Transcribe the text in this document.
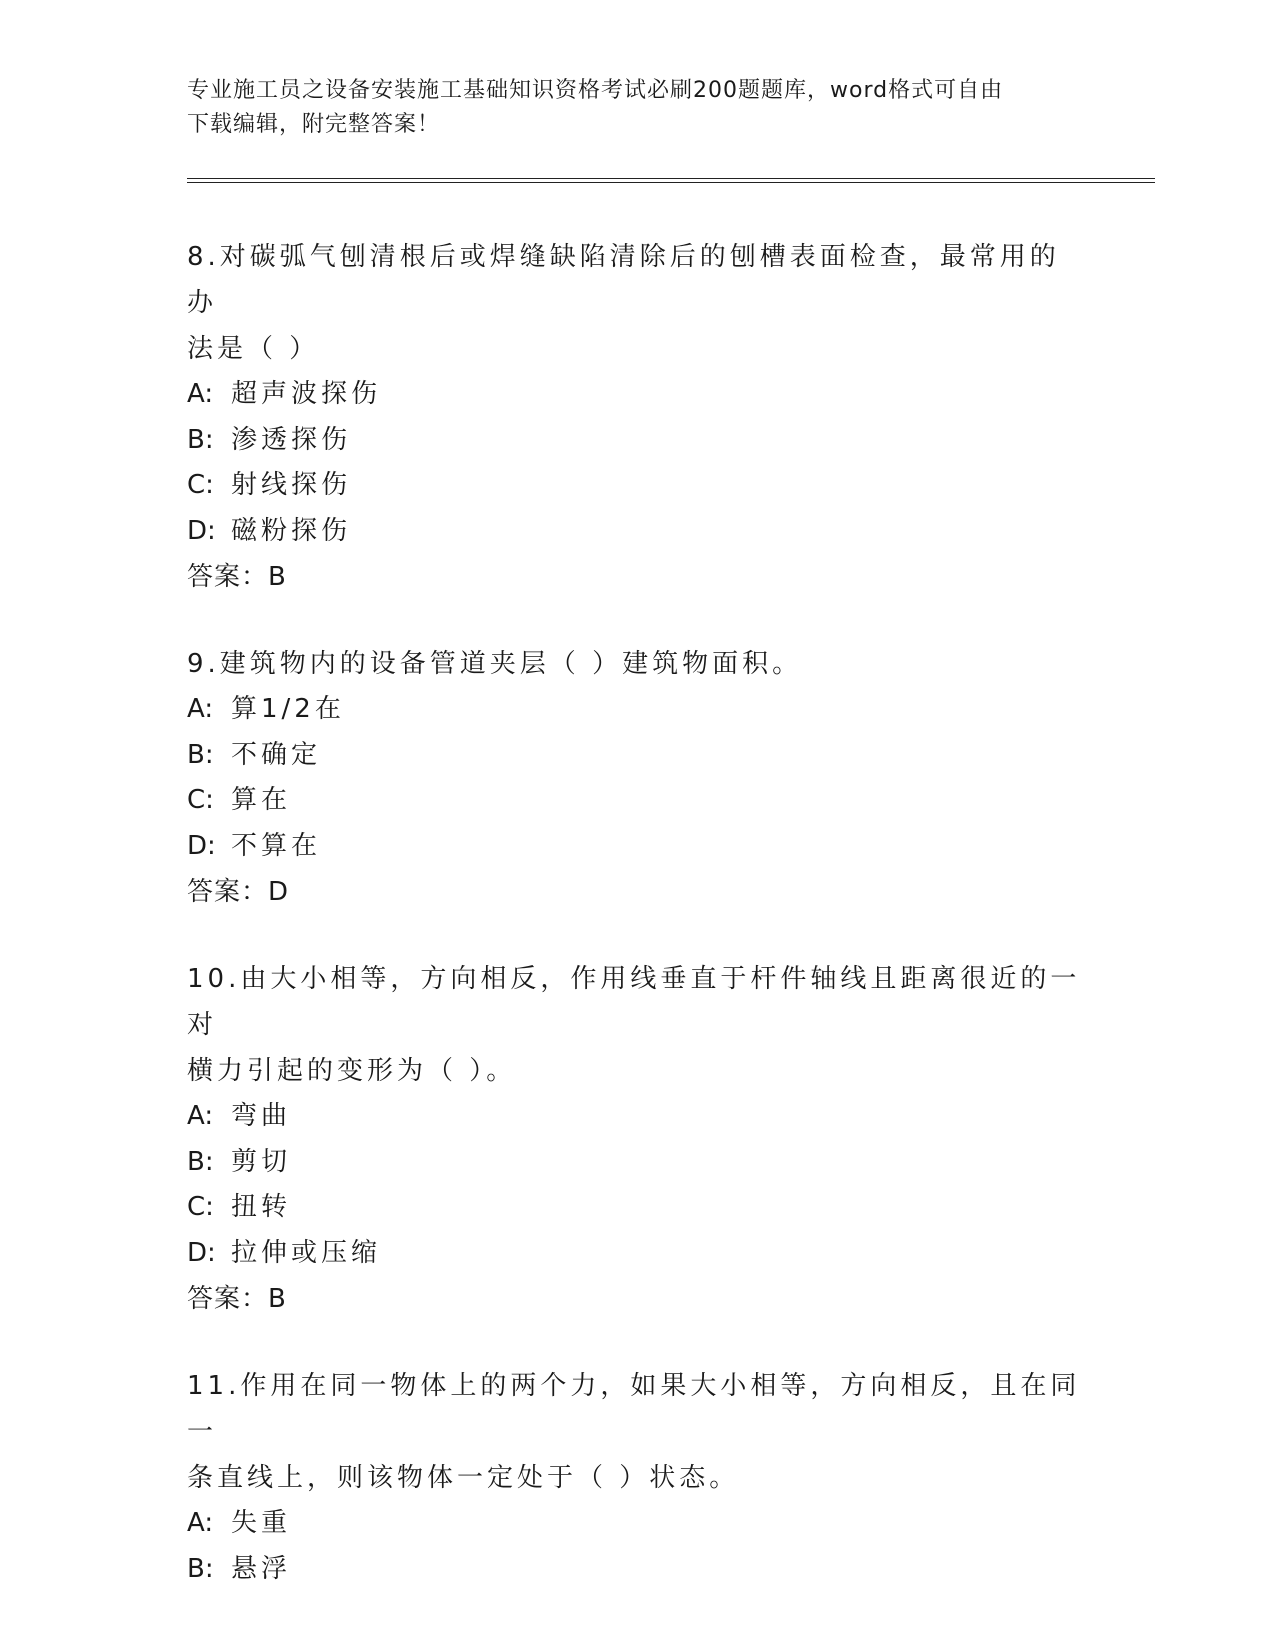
专业施工员之设备安装施工基础知识资格考试必刷200题题库，word格式可自由
下载编辑，附完整答案！
8.对碳弧气刨清根后或焊缝缺陷清除后的刨槽表面检查，最常用的办
法是（ ）
A: 超声波探伤
B: 渗透探伤
C: 射线探伤
D: 磁粉探伤
答案：B
9.建筑物内的设备管道夹层（ ）建筑物面积。
A: 算1/2在
B: 不确定
C: 算在
D: 不算在
答案：D
10.由大小相等，方向相反，作用线垂直于杆件轴线且距离很近的一对
横力引起的变形为（ ）。
A: 弯曲
B: 剪切
C: 扭转
D: 拉伸或压缩
答案：B
11.作用在同一物体上的两个力，如果大小相等，方向相反，且在同一
条直线上，则该物体一定处于（ ）状态。
A: 失重
B: 悬浮
